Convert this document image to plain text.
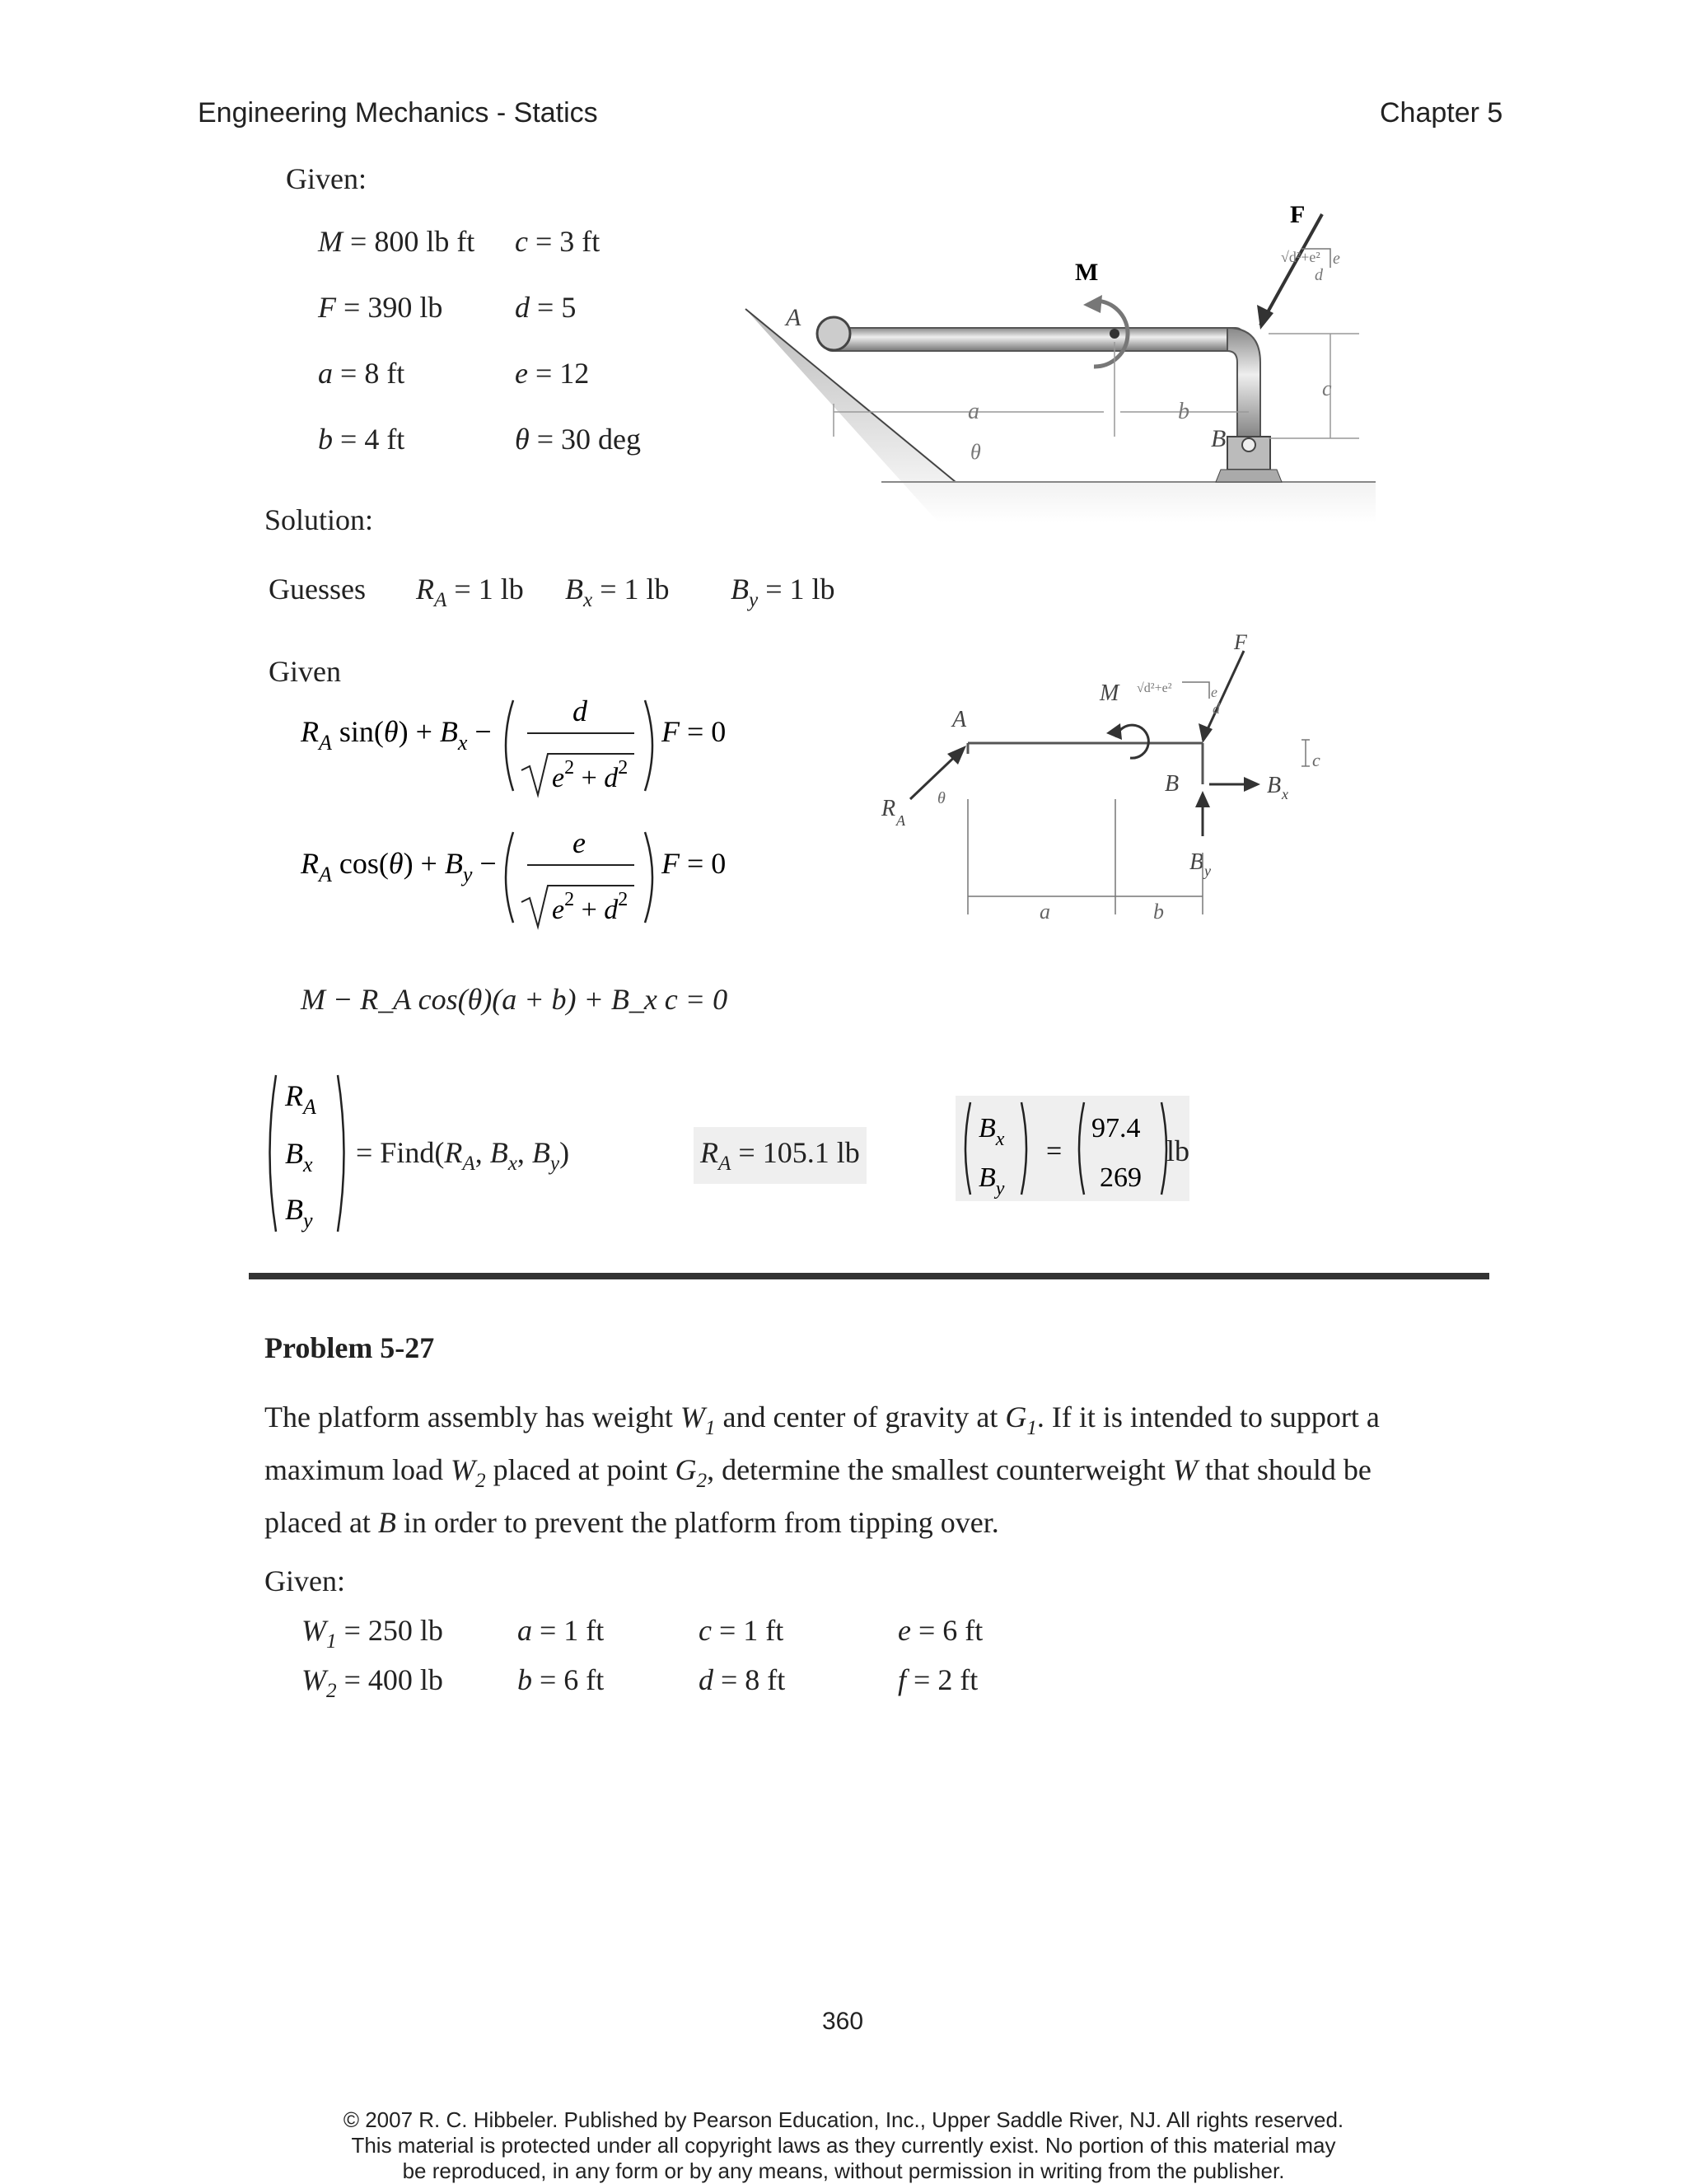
Engineering Mechanics - Statics	Chapter 5
Given:
M = 800 lb ft c = 3 ft
F = 390 lb d = 5
a = 8 ft	e = 12
b = 4 ft	θ = 30 deg
F
M
A
B
θ
√d²+e² e
d
a	b
c
Solution:
Guesses $R_A = 1$ lb $B_x = 1$ lb $B_y = 1$ lb
Given
$R_A$ $\sin(\theta) + B_x$ −
d
$e^2 + d^2$
F = 0
$R_A$ $\cos(\theta) + B_y$ −
e
$e^2 + d^2$
F = 0
M − R_A cos(θ)(a + b) + B_x c = 0
R A
A
θ
M
F
√d²+e²	e
d
B	B x
B y
a	b
c
$R_A$
$B_x$
$B_y$
= $Find(R_A$, $B_x$, $B_y$)	$R_A = 105.1$ lb
$B_x$
$B_y$
=
97.4
269
lb
Problem 5-27
The platform assembly has weight $W_1$ and center of gravity at $G_1$. If it is intended to support a maximum load $W_2$ placed at point $G_2$, determine the smallest counterweight W that should be placed at B in order to prevent the platform from tipping over.
Given:
$W_1 = 250$ lb	a = 1 ft	c = 1 ft	e = 6 ft
$W_2 = 400$ lb	b = 6 ft	d = 8 ft	f = 2 ft
360
© 2007 R. C. Hibbeler. Published by Pearson Education, Inc., Upper Saddle River, NJ. All rights reserved.
This material is protected under all copyright laws as they currently exist. No portion of this material may
be reproduced, in any form or by any means, without permission in writing from the publisher.
